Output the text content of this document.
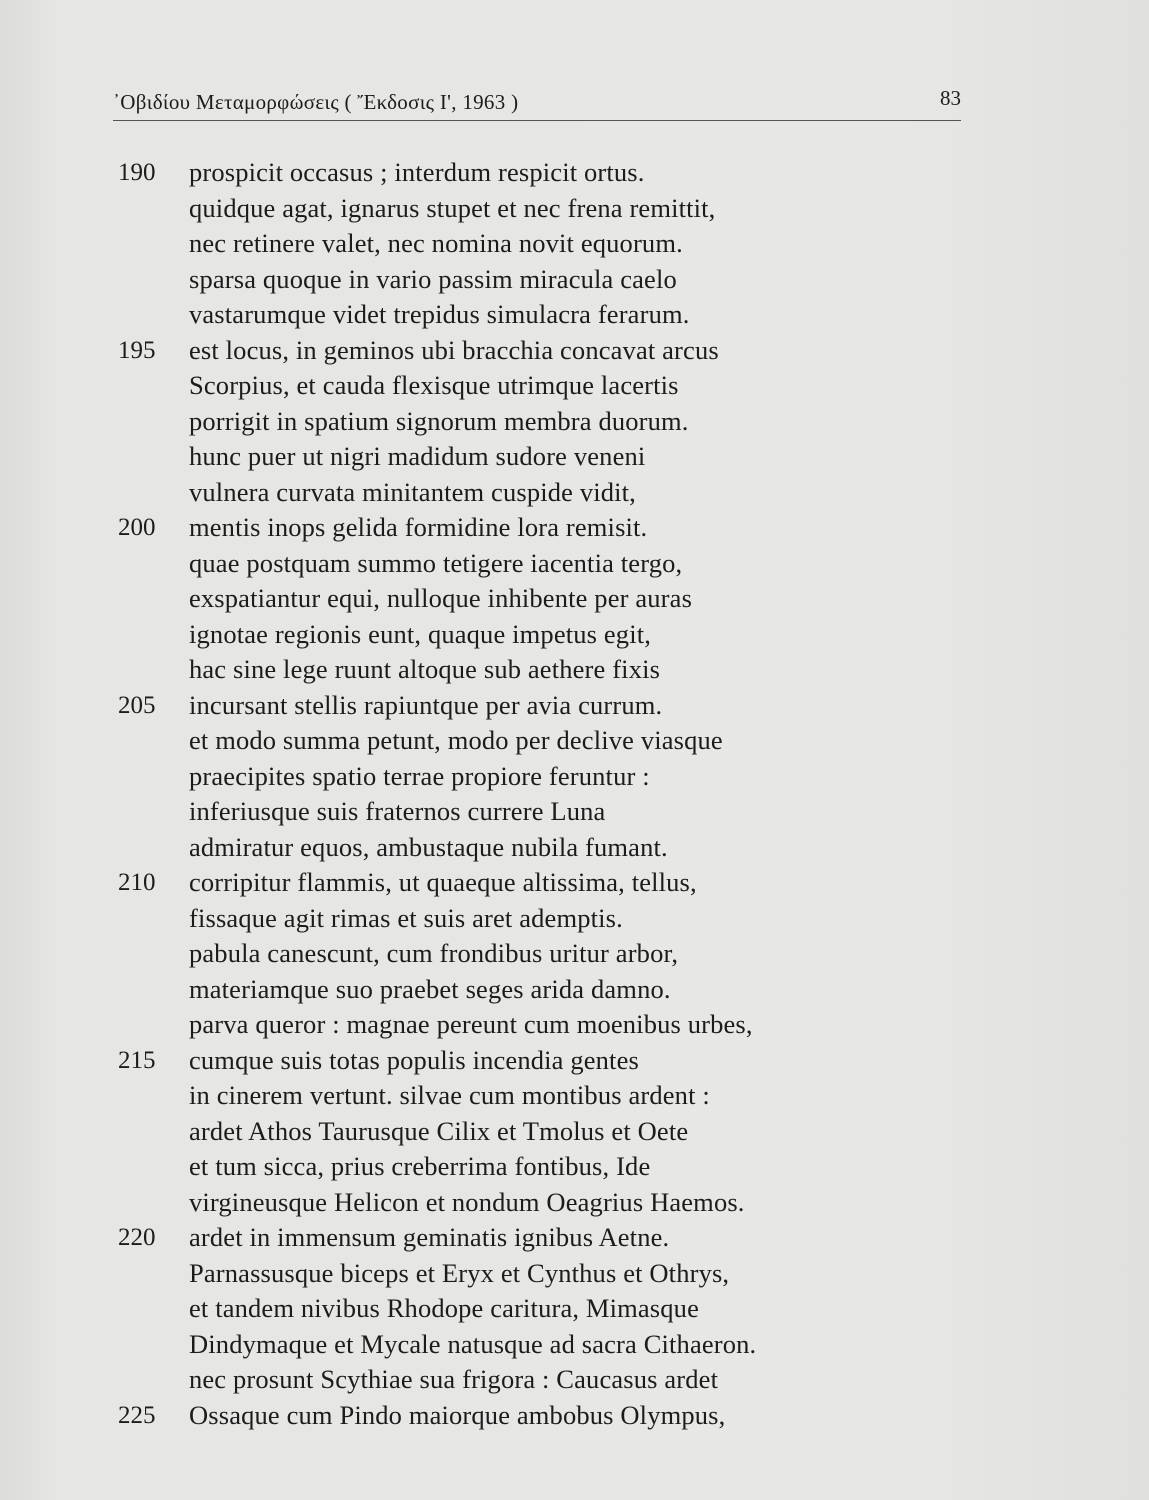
᾿Οβιδίου Μεταμορφώσεις ( Ἔκδοσις Ι', 1963 )	83
190	prospicit occasus ; interdum respicit ortus.
quidque agat, ignarus stupet et nec frena remittit,
nec retinere valet, nec nomina novit equorum.
sparsa quoque in vario passim miracula caelo
vastarumque videt trepidus simulacra ferarum.
195	est locus, in geminos ubi bracchia concavat arcus
Scorpius, et cauda flexisque utrimque lacertis
porrigit in spatium signorum membra duorum.
hunc puer ut nigri madidum sudore veneni
vulnera curvata minitantem cuspide vidit,
200	mentis inops gelida formidine lora remisit.
quae postquam summo tetigere iacentia tergo,
exspatiantur equi, nulloque inhibente per auras
ignotae regionis eunt, quaque impetus egit,
hac sine lege ruunt altoque sub aethere fixis
205	incursant stellis rapiuntque per avia currum.
et modo summa petunt, modo per declive viasque
praecipites spatio terrae propiore feruntur :
inferiusque suis fraternos currere Luna
admiratur equos, ambustaque nubila fumant.
210	corripitur flammis, ut quaeque altissima, tellus,
fissaque agit rimas et suis aret ademptis.
pabula canescunt, cum frondibus uritur arbor,
materiamque suo praebet seges arida damno.
parva queror : magnae pereunt cum moenibus urbes,
215	cumque suis totas populis incendia gentes
in cinerem vertunt. silvae cum montibus ardent :
ardet Athos Taurusque Cilix et Tmolus et Oete
et tum sicca, prius creberrima fontibus, Ide
virgineusque Helicon et nondum Oeagrius Haemos.
220	ardet in immensum geminatis ignibus Aetne.
Parnassusque biceps et Eryx et Cynthus et Othrys,
et tandem nivibus Rhodope caritura, Mimasque
Dindymaque et Mycale natusque ad sacra Cithaeron.
nec prosunt Scythiae sua frigora : Caucasus ardet
225	Ossaque cum Pindo maiorque ambobus Olympus,
